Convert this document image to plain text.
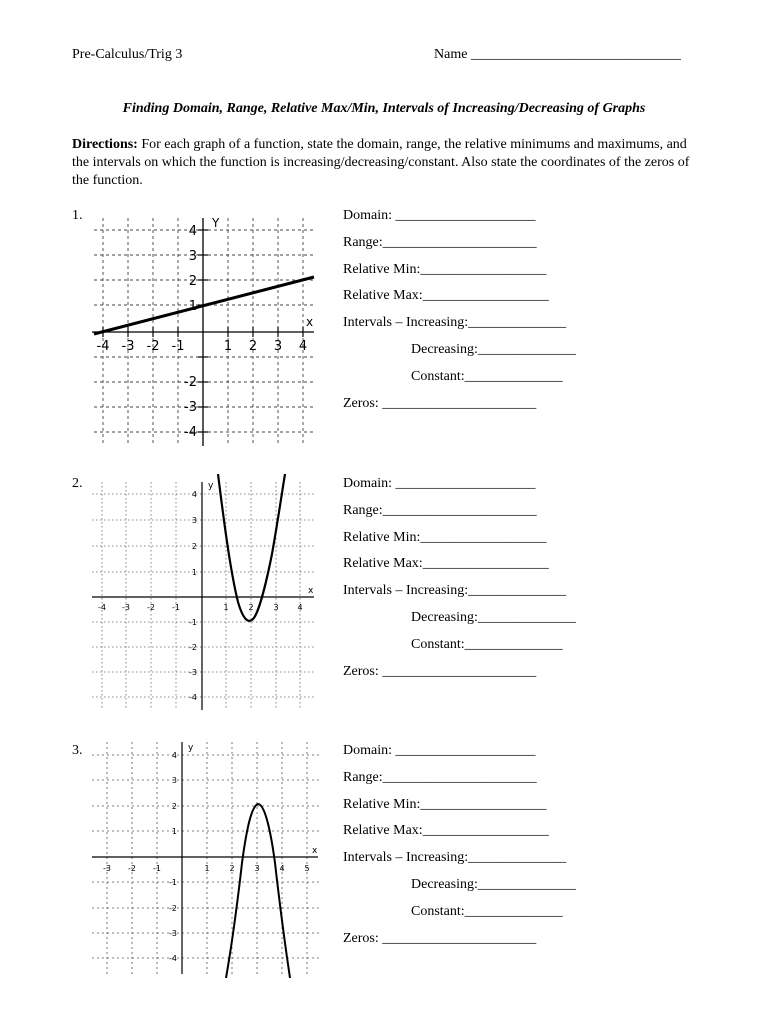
Pre-Calculus/Trig 3	Name ______________________________
Finding Domain, Range, Relative Max/Min, Intervals of Increasing/Decreasing of Graphs
Directions: For each graph of a function, state the domain, range, the relative minimums and maximums, and the intervals on which the function is increasing/decreasing/constant. Also state the coordinates of the zeros of the function.
1.
-4 -3 -2 -1	1 2 3 4
4
3
2
1
-2
-3
-4
x
Y	Domain: ____________________
Range:______________________
Relative Min:__________________
Relative Max:__________________
Intervals – Increasing:______________
Decreasing:______________
Constant:______________
Zeros: ______________________
2.
-4 -3 -2 -1	1 2 3 4
4
3
2
1
-1
-2
-3
-4
x
y	Domain: ____________________
Range:______________________
Relative Min:__________________
Relative Max:__________________
Intervals – Increasing:______________
Decreasing:______________
Constant:______________
Zeros: ______________________
3.
-3 -2 -1	1 2 3 4 5
4
3
2
1
-1
-2
-3
-4
x
y	Domain: ____________________
Range:______________________
Relative Min:__________________
Relative Max:__________________
Intervals – Increasing:______________
Decreasing:______________
Constant:______________
Zeros: ______________________
